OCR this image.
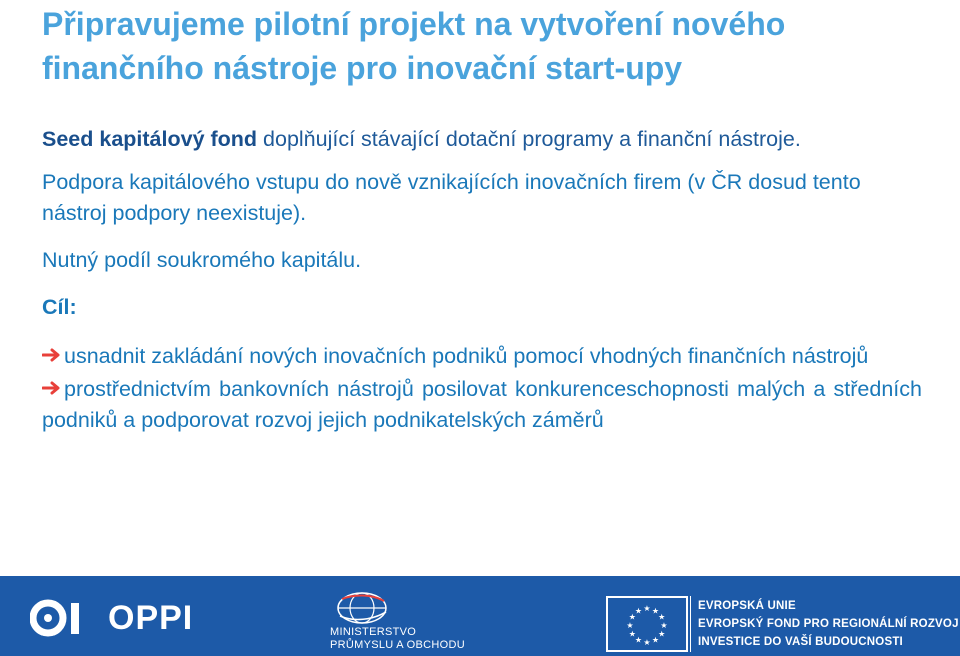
Připravujeme pilotní projekt na vytvoření nového finančního nástroje pro inovační start-upy

Seed kapitálový fond doplňující stávající dotační programy a finanční nástroje.

Podpora kapitálového vstupu do nově vznikajících inovačních firem (v ČR dosud tento nástroj podpory neexistuje).

Nutný podíl soukromého kapitálu.

Cíl:

usnadnit zakládání nových inovačních podniků pomocí vhodných finančních nástrojů

prostřednictvím bankovních nástrojů posilovat konkurenceschopnosti malých a středních podniků a podporovat rozvoj jejich podnikatelských záměrů

OPPI	MINISTERSTVO
PRŮMYSLU A OBCHODU
★ ★
★
★
★
★
★
★
★
★
★
★	EVROPSKÁ UNIE
EVROPSKÝ FOND PRO REGIONÁLNÍ ROZVOJ
INVESTICE DO VAŠÍ BUDOUCNOSTI
